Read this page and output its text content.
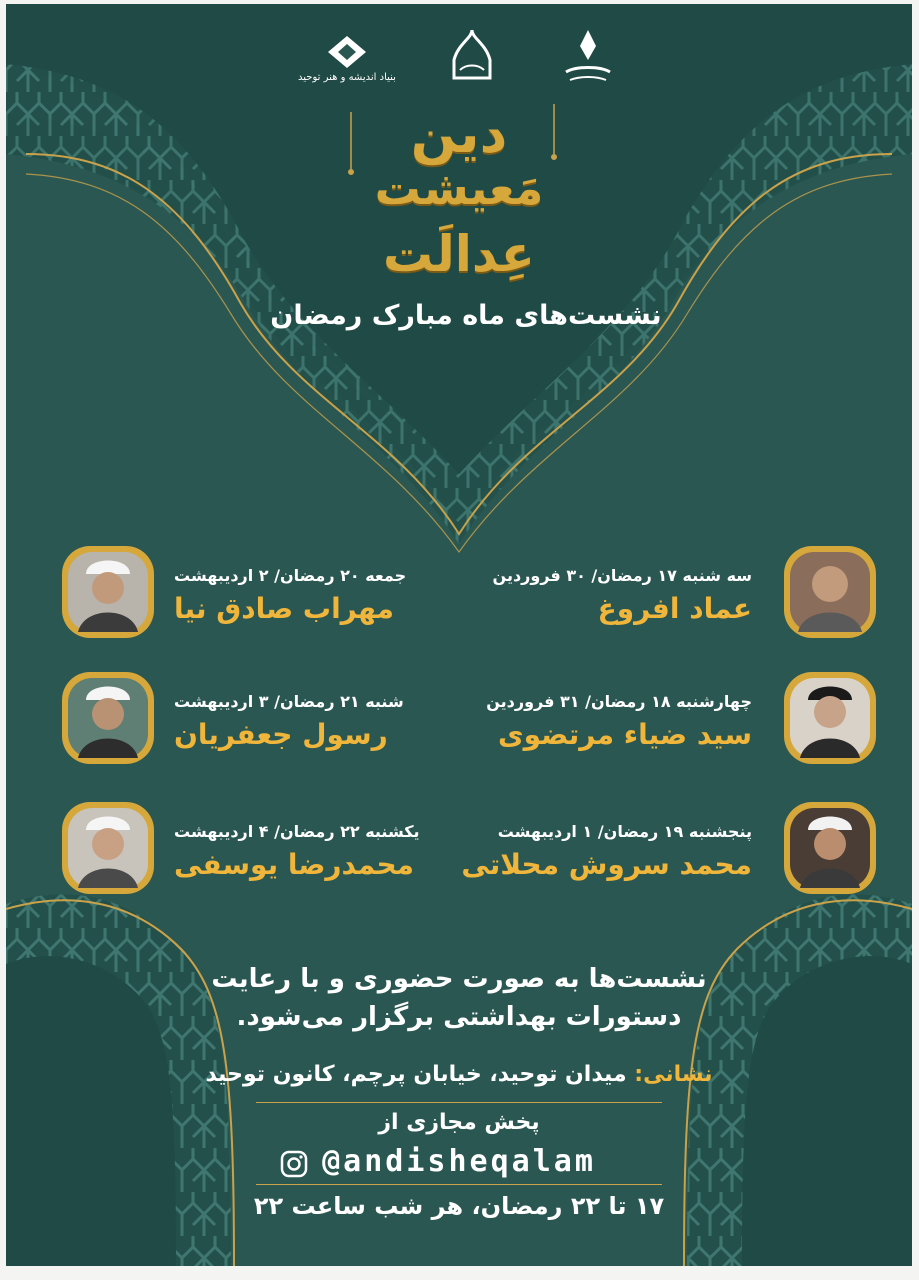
بنیاد اندیشه و هنر توحید
دین
مَعیشت
عِدالَت
نشست‌های ماه مبارک رمضان
سه شنبه ۱۷ رمضان/ ۳۰ فروردین
عماد افروغ
چهارشنبه ۱۸ رمضان/ ۳۱ فروردین
سید ضیاء مرتضوی
پنجشنبه ۱۹ رمضان/ ۱ اردیبهشت
محمد سروش محلاتی
جمعه ۲۰ رمضان/ ۲ اردیبهشت
مهراب صادق نیا
شنبه ۲۱ رمضان/ ۳ اردیبهشت
رسول جعفریان
یکشنبه ۲۲ رمضان/ ۴ اردیبهشت
محمدرضا یوسفی
نشست‌ها به صورت حضوری و با رعایت
دستورات بهداشتی برگزار می‌شود.
نشانی: میدان توحید، خیابان پرچم، کانون توحید
پخش مجازی از
@andisheqalam
۱۷ تا ۲۲ رمضان، هر شب ساعت ۲۲
